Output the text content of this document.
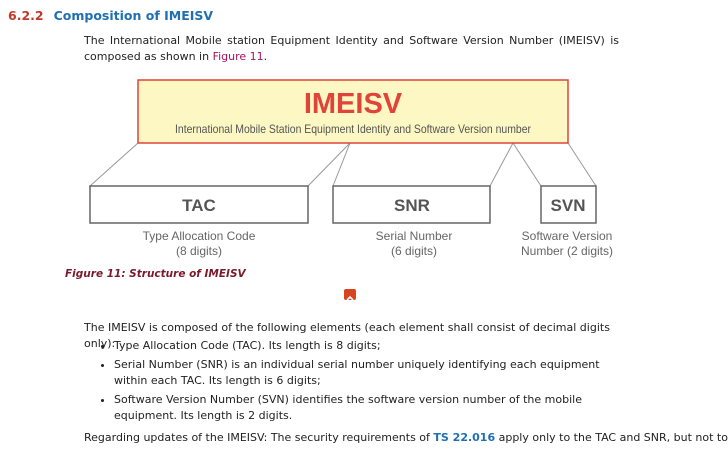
6.2.2 Composition of IMEISV
The International Mobile station Equipment Identity and Software Version Number (IMEISV) is composed as shown in Figure 11.
IMEISV
International Mobile Station Equipment Identity and Software Version number
TAC
Type Allocation Code
(8 digits)
SNR
Serial Number
(6 digits)
SVN
Software Version
Number (2 digits)
Figure 11: Structure of IMEISV
The IMEISV is composed of the following elements (each element shall consist of decimal digits only):
• Type Allocation Code (TAC). Its length is 8 digits;
• Serial Number (SNR) is an individual serial number uniquely identifying each equipment within each TAC. Its length is 6 digits;
• Software Version Number (SVN) identifies the software version number of the mobile equipment. Its length is 2 digits.
Regarding updates of the IMEISV: The security requirements of TS 22.016 apply only to the TAC and SNR, but not to
